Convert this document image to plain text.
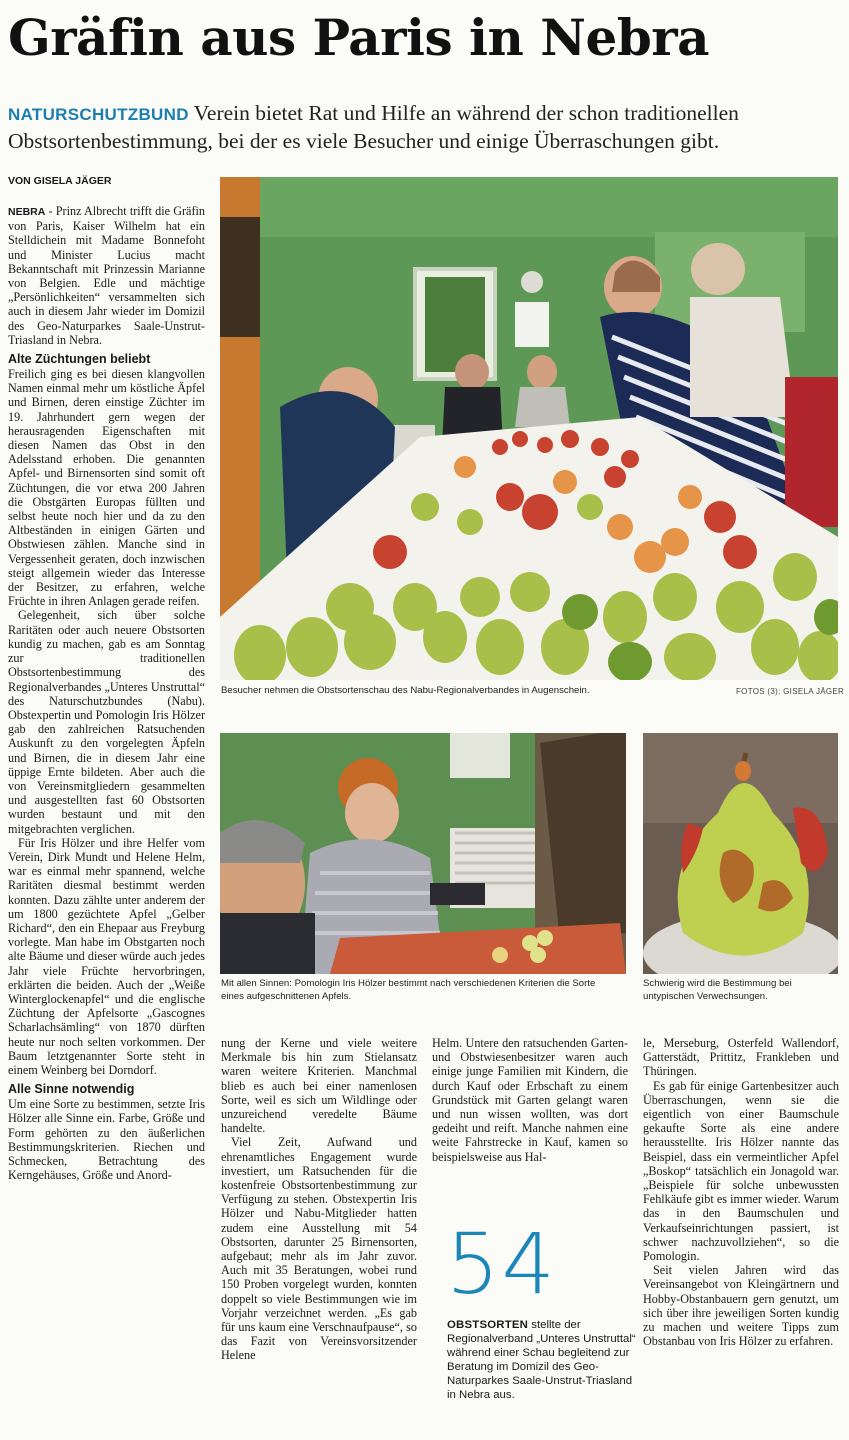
Gräfin aus Paris in Nebra
NATURSCHUTZBUND Verein bietet Rat und Hilfe an während der schon traditionellen Obstsortenbestimmung, bei der es viele Besucher und einige Überraschungen gibt.
VON GISELA JÄGER

NEBRA - Prinz Albrecht trifft die Gräfin von Paris, Kaiser Wilhelm hat ein Stelldichein mit Madame Bonnefoht und Minister Lucius macht Bekanntschaft mit Prinzessin Marianne von Belgien. Edle und mächtige „Persönlichkeiten“ versammelten sich auch in diesem Jahr wieder im Domizil des Geo-Naturparkes Saale-Unstrut-Triasland in Nebra.

Alte Züchtungen beliebt

Freilich ging es bei diesen klangvollen Namen einmal mehr um köstliche Äpfel und Birnen, deren einstige Züchter im 19. Jahrhundert gern wegen der herausragenden Eigenschaften mit diesen Namen das Obst in den Adelsstand erhoben. Die genannten Apfel- und Birnensorten sind somit oft Züchtungen, die vor etwa 200 Jahren die Obstgärten Europas füllten und selbst heute noch hier und da zu den Altbeständen in einigen Gärten und Obstwiesen zählen. Manche sind in Vergessenheit geraten, doch inzwischen steigt allgemein wieder das Interesse der Besitzer, zu erfahren, welche Früchte in ihren Anlagen gerade reifen.

Gelegenheit, sich über solche Raritäten oder auch neuere Obstsorten kundig zu machen, gab es am Sonntag zur traditionellen Obstsortenbestimmung des Regionalverbandes „Unteres Unstruttal“ des Naturschutzbundes (Nabu). Obstexpertin und Pomologin Iris Hölzer gab den zahlreichen Ratsuchenden Auskunft zu den vorgelegten Äpfeln und Birnen, die in diesem Jahr eine üppige Ernte bildeten. Aber auch die von Vereinsmitgliedern gesammelten und ausgestellten fast 60 Obstsorten wurden bestaunt und mit den mitgebrachten verglichen.

Für Iris Hölzer und ihre Helfer vom Verein, Dirk Mundt und Helene Helm, war es einmal mehr spannend, welche Raritäten diesmal bestimmt werden konnten. Dazu zählte unter anderem der um 1800 gezüchtete Apfel „Gelber Richard“, den ein Ehepaar aus Freyburg vorlegte. Man habe im Obstgarten noch alte Bäume und dieser würde auch jedes Jahr viele Früchte hervorbringen, erklärten die beiden. Auch der „Weiße Winterglockenapfel“ und die englische Züchtung der Apfelsorte „Gascognes Scharlachsämling“ von 1870 dürften heute nur noch selten vorkommen. Der Baum letztgenannter Sorte steht in einem Weinberg bei Dorndorf.

Alle Sinne notwendig

Um eine Sorte zu bestimmen, setzte Iris Hölzer alle Sinne ein. Farbe, Größe und Form gehörten zu den äußerlichen Bestimmungskriterien. Riechen und Schmecken, Betrachtung des Kerngehäuses, Größe und Anord-

Besucher nehmen die Obstsortenschau des Nabu-Regionalverbandes in Augenschein.	FOTOS (3): GISELA JÄGER
Mit allen Sinnen: Pomologin Iris Hölzer bestimmt nach verschiedenen Kriterien die Sorte eines aufgeschnittenen Apfels.
Schwierig wird die Bestimmung bei untypischen Verwechsungen.

nung der Kerne und viele weitere Merkmale bis hin zum Stielansatz waren weitere Kriterien. Manchmal blieb es auch bei einer namenlosen Sorte, weil es sich um Wildlinge oder unzureichend veredelte Bäume handelte.

Viel Zeit, Aufwand und ehrenamtliches Engagement wurde investiert, um Ratsuchenden für die kostenfreie Obstsortenbestimmung zur Verfügung zu stehen. Obstexpertin Iris Hölzer und Nabu-Mitglieder hatten zudem eine Ausstellung mit 54 Obstsorten, darunter 25 Birnensorten, aufgebaut; mehr als im Jahr zuvor. Auch mit 35 Beratungen, wobei rund 150 Proben vorgelegt wurden, konnten doppelt so viele Bestimmungen wie im Vorjahr verzeichnet werden. „Es gab für uns kaum eine Verschnaufpause“, so das Fazit von Vereinsvorsitzender Helene

Helm. Untere den ratsuchenden Garten- und Obstwiesenbesitzer waren auch einige junge Familien mit Kindern, die durch Kauf oder Erbschaft zu einem Grundstück mit Garten gelangt waren und nun wissen wollten, was dort gedeiht und reift. Manche nahmen eine weite Fahrstrecke in Kauf, kamen so beispielsweise aus Hal-

54
OBSTSORTEN stellte der Regionalverband „Unteres Unstruttal“ während einer Schau begleitend zur Beratung im Domizil des Geo-Naturparkes Saale-Unstrut-Triasland in Nebra aus.

le, Merseburg, Osterfeld Wallendorf, Gatterstädt, Prittitz, Frankleben und Thüringen.

Es gab für einige Gartenbesitzer auch Überraschungen, wenn sie die eigentlich von einer Baumschule gekaufte Sorte als eine andere herausstellte. Iris Hölzer nannte das Beispiel, dass ein vermeintlicher Apfel „Boskop“ tatsächlich ein Jonagold war. „Beispiele für solche unbewussten Fehlkäufe gibt es immer wieder. Warum das in den Baumschulen und Verkaufseinrichtungen passiert, ist schwer nachzuvollziehen“, so die Pomologin.

Seit vielen Jahren wird das Vereinsangebot von Kleingärtnern und Hobby-Obstanbauern gern genutzt, um sich über ihre jeweiligen Sorten kundig zu machen und weitere Tipps zum Obstanbau von Iris Hölzer zu erfahren.
